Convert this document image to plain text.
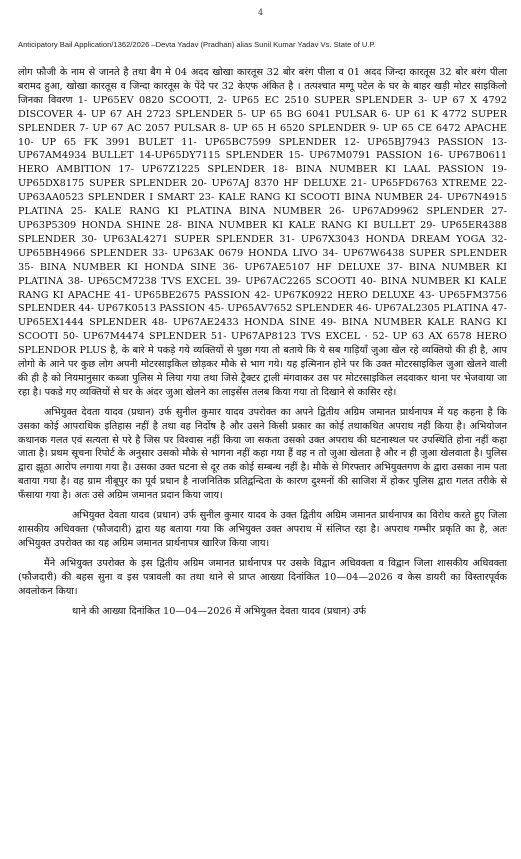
4
Anticipatory Bail Application/1362/2026 –Devta Yadav (Pradhan) alias Sunil Kumar Yadav Vs. State of U.P.

लोग फौजी के नाम से जानते है तथा बैग मे 04 अदद खोखा कारतूस 32 बोर बरंग पीला व 01 अदद जिन्दा कारतूस 32 बोर बरंग पीला बरामद हुआ, खोखा कारतूस व जिन्दा कारतूस के पेंदे पर 32 केएफ अंकित है । तत्पश्चात मग्गू पटेल के घर के बाहर खड़ी मोटर साइकिलो जिनका विवरण 1- UP65EV 0820 SCOOTI, 2- UP65 EC 2510 SUPER SPLENDER 3- UP 67 X 4792 DISCOVER 4- UP 67 AH 2723 SPLENDER 5- UP 65 BG 6041 PULSAR 6- UP 61 K 4772 SUPER SPLENDER 7- UP 67 AC 2057 PULSAR 8- UP 65 H 6520 SPLENDER 9- UP 65 CE 6472 APACHE 10- UP 65 FK 3991 BULET 11- UP65BC7599 SPLENDER 12- UP65BJ7943 PASSION 13-UP67AM4934 BULLET 14-UP65DY7115 SPLENDER 15- UP67M0791 PASSION 16- UP67B0611 HERO AMBITION 17- UP67Z1225 SPLENDER 18- BINA NUMBER KI LAAL PASSION 19- UP65DX8175 SUPER SPLENDER 20- UP67AJ 8370 HF DELUXE 21- UP65FD6763 XTREME 22- UP63AA0523 SPLENDER I SMART 23- KALE RANG KI SCOOTI BINA NUMBER 24- UP67N4915 PLATINA 25- KALE RANG KI PLATINA BINA NUMBER 26- UP67AD9962 SPLENDER 27- UP63P5309 HONDA SHINE 28- BINA NUMBER KI KALE RANG KI BULLET 29- UP65ER4388 SPLENDER 30- UP63AL4271 SUPER SPLENDER 31- UP67X3043 HONDA DREAM YOGA 32- UP65BH4966 SPLENDER 33- UP63AK 0679 HONDA LIVO 34- UP67W6438 SUPER SPLENDER 35- BINA NUMBER KI HONDA SINE 36- UP67AE5107 HF DELUXE 37- BINA NUMBER KI PLATINA 38- UP65CM7238 TVS EXCEL 39- UP67AC2265 SCOOTI 40- BINA NUMBER KI KALE RANG KI APACHE 41- UP65BE2675 PASSION 42- UP67K0922 HERO DELUXE 43- UP65FM3756 SPLENDER 44- UP67K0513 PASSION 45- UP65AV7652 SPLENDER 46- UP67AL2305 PLATINA 47- UP65EX1444 SPLENDER 48- UP67AE2433 HONDA SINE 49- BINA NUMBER KALE RANG KI SCOOTI 50- UP67M4474 SPLENDER 51- UP67AP8123 TVS EXCEL · 52- UP 63 AX 6578 HERO SPLENDOR PLUS है, के बारे मे पकड़े गये व्यक्तियों से पुछा गया तो बताये कि ये सब गाड़ियाँ जुआ खेल रहे व्यक्तियो की ही है, आप लोगो के आने पर कुछ लोग अपनी मोटरसाइकिल छोड़कर मौके से भाग गये। यह इत्मिनान होने पर कि उक्त मोटरसाइकिल जुआ खेलने वाली की ही है को नियमानुसार कब्जा पुलिस मे लिया गया तथा जिसे ट्रैक्टर ट्राली मंगवाकर उस पर मोटरसाइकिल लदवाकर थाना पर भेजवाया जा रहा है। पकडे गए व्यक्तियों से घर के अंदर जुआ खेलने का लाइसेंस तलब किया गया तो दिखाने से कासिर रहे।

अभियुक्त देवता यादव (प्रधान) उर्फ सुनील कुमार यादव उपरोक्त का अपने द्वितीय अग्रिम जमानत प्रार्थनापत्र में यह कहना है कि उसका कोई आपराधिक इतिहास नहीं है तथा वह निर्दोष है और उसने किसी प्रकार का कोई तथाकथित अपराध नहीं किया है। अभियोजन कथानक गलत एवं सत्यता से परे है जिस पर विश्वास नहीं किया जा सकता उसको उक्त अपराध की घटनास्थल पर उपस्थिति होना नहीं कहा जाता है। प्रथम सूचना रिपोर्ट के अनुसार उसको मौके से भागना नहीं कहा गया हैं वह न तो जुआ खेलता है और न ही जुआ खेलवाता है। पुलिस द्वारा झूठा आरोप लगाया गया है। उसका उक्त घटना से दूर तक कोई सम्बन्ध नहीं है। मौके से गिरफ्तार अभियुक्तगण के द्वारा उसका नाम पता बताया गया है। वह ग्राम नीबूपुर का पूर्व प्रधान है नाजनितिक प्रतिद्वन्दिता के कारण दुश्मनों की साजिश में होकर पुलिस द्वारा गलत तरीके से फँसाया गया है। अतः उसे अग्रिम जमानत प्रदान किया जाय।

अभियुक्त देवता यादव (प्रधान) उर्फ सुनील कुमार यादव के उक्त द्वितीय अग्रिम जमानत प्रार्थनापत्र का विरोध करते हुए जिला शासकीय अधिवक्ता (फौजदारी) द्वारा यह बताया गया कि अभियुक्त उक्त अपराध में संलिप्त रहा है। अपराध गम्भीर प्रकृति का है, अतः अभियुक्त उपरोक्त का यह अग्रिम जमानत प्रार्थनापत्र खारिज किया जाय।

मैंने अभियुक्त उपरोक्त के इस द्वितीय अग्रिम जमानत प्रार्थनापत्र पर उसके विद्वान अधिवक्ता व विद्वान जिला शासकीय अधिवक्ता (फौजदारी) की बहस सुना व इस पत्रावली का तथा थाने से प्राप्त आख्या दिनांकित 10—04—2026 व केस डायरी का विस्तारपूर्वक अवलोकन किया।

थाने की आख्या दिनांकित 10—04—2026 में अभियुक्त देवता यादव (प्रधान) उर्फ
